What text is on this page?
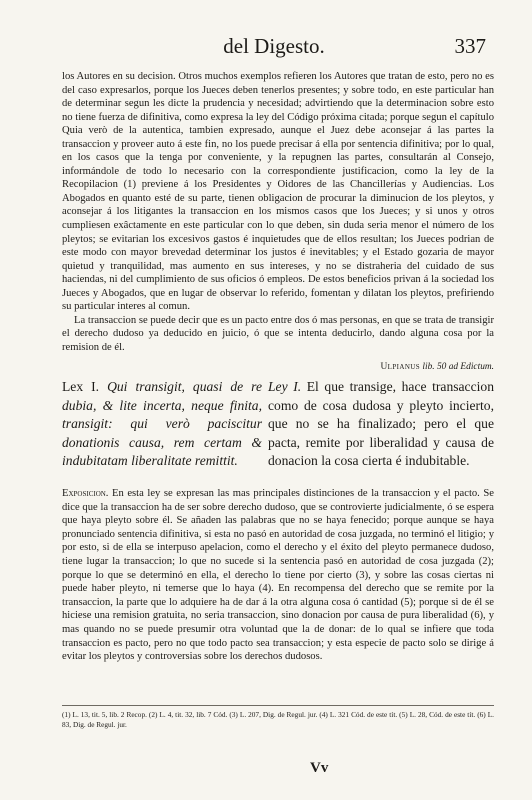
del Digesto.	337

los Autores en su decision. Otros muchos exemplos refieren los Autores que tratan de esto, pero no es del caso expresarlos, porque los Jueces deben tenerlos presentes; y sobre todo, en este particular han de determinar segun les dicte la prudencia y necesidad; advirtiendo que la determinacion sobre esto no tiene fuerza de difinitiva, como expresa la ley del Código próxima citada; porque segun el capítulo Quia verò de la autentica, tambien expresado, aunque el Juez debe aconsejar á las partes la transaccion y proveer auto á este fin, no los puede precisar á ella por sentencia difinitiva; por lo qual, en los casos que la tenga por conveniente, y la repugnen las partes, consultarán al Consejo, informándole de todo lo necesario con la correspondiente justificacion, como la ley de la Recopilacion (1) previene á los Presidentes y Oidores de las Chancillerías y Audiencias. Los Abogados en quanto esté de su parte, tienen obligacion de procurar la diminucion de los pleytos, y aconsejar á los litigantes la transaccion en los mismos casos que los Jueces; y si unos y otros cumpliesen exâctamente en este particular con lo que deben, sin duda seria menor el número de los pleytos; se evitarian los excesivos gastos é inquietudes que de ellos resultan; los Jueces podrian de este modo con mayor brevedad determinar los justos é inevitables; y el Estado gozaria de mayor quietud y tranquilidad, mas aumento en sus intereses, y no se distraheria del cuidado de sus haciendas, ni del cumplimiento de sus oficios ó empleos. De estos beneficios privan á la sociedad los Jueces y Abogados, que en lugar de observar lo referido, fomentan y dilatan los pleytos, prefiriendo su particular interes al comun.

La transaccion se puede decir que es un pacto entre dos ó mas personas, en que se trata de transigir el derecho dudoso ya deducido en juicio, ó que se intenta deducirlo, dando alguna cosa por la remision de él.

Ulpianus lib. 50 ad Edictum.
Lex I. Qui transigit, quasi de re dubia, & lite incerta, neque finita, transigit: qui verò paciscitur donationis causa, rem certam & indubitatam liberalitate remittit.
Ley I. El que transige, hace transaccion como de cosa dudosa y pleyto incierto, que no se ha finalizado; pero el que pacta, remite por liberalidad y causa de donacion la cosa cierta é indubitable.
Exposicion. En esta ley se expresan las mas principales distinciones de la transaccion y el pacto. Se dice que la transaccion ha de ser sobre derecho dudoso, que se controvierte judicialmente, ó se espera que haya pleyto sobre él. Se añaden las palabras que no se haya fenecido; porque aunque se haya pronunciado sentencia difinitiva, si esta no pasó en autoridad de cosa juzgada, no terminó el litigio; y por esto, si de ella se interpuso apelacion, como el derecho y el éxito del pleyto permanece dudoso, tiene lugar la transaccion; lo que no sucede si la sentencia pasó en autoridad de cosa juzgada (2); porque lo que se determinó en ella, el derecho lo tiene por cierto (3), y sobre las cosas ciertas ni puede haber pleyto, ni temerse que lo haya (4). En recompensa del derecho que se remite por la transaccion, la parte que lo adquiere ha de dar á la otra alguna cosa ó cantidad (5); porque si de él se hiciese una remision gratuita, no seria transaccion, sino donacion por causa de pura liberalidad (6), y mas quando no se puede presumir otra voluntad que la de donar: de lo qual se infiere que toda transaccion es pacto, pero no que todo pacto sea transaccion; y esta especie de pacto solo se dirige á evitar los pleytos y controversias sobre los derechos dudosos.
(1) L. 13, tit. 5, lib. 2 Recop. (2) L. 4, tit. 32, lib. 7 Cód. (3) L. 207, Dig. de Regul. jur. (4) L. 321 Cód. de este tít. (5) L. 28, Cód. de este tít. (6) L. 83, Dig. de Regul. jur.
Vv
